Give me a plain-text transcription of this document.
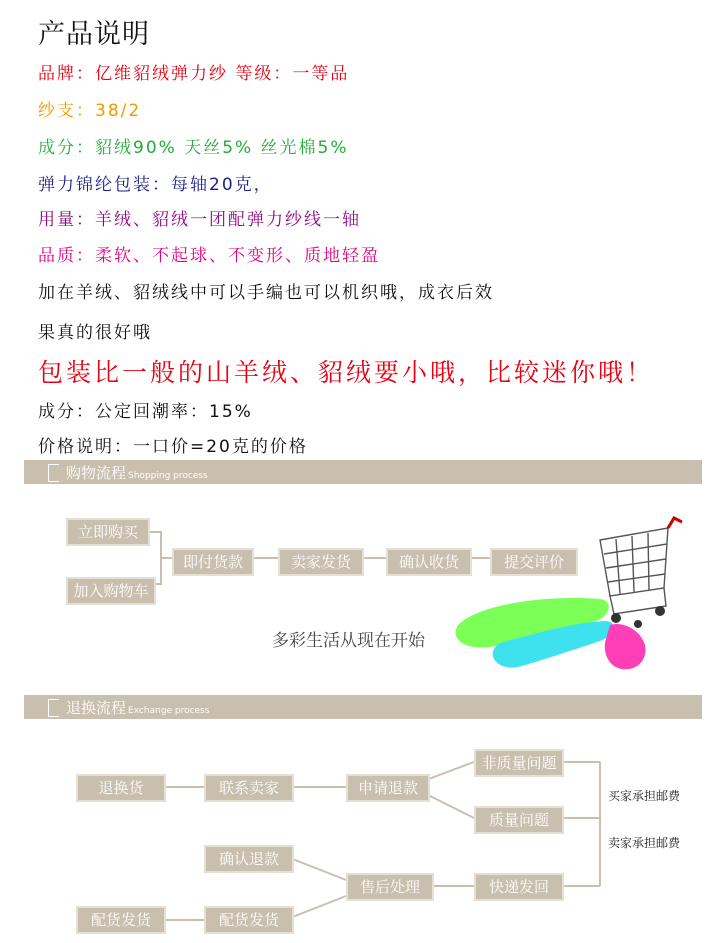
产品说明
品牌：亿维貂绒弹力纱 等级：一等品
纱支：38/2
成分：貂绒90% 天丝5% 丝光棉5%
弹力锦纶包装：每轴20克，
用量：羊绒、貂绒一团配弹力纱线一轴
品质：柔软、不起球、不变形、质地轻盈
加在羊绒、貂绒线中可以手编也可以机织哦，成衣后效
果真的很好哦
包装比一般的山羊绒、貂绒要小哦，比较迷你哦！
成分：公定回潮率：15%
价格说明：一口价=20克的价格
购物流程 Shopping process
立即购买
加入购物车
即付货款	卖家发货	确认收货	提交评价
多彩生活从现在开始
退换流程 Exchange process
退换货	联系卖家	申请退款
非质量问题
质量问题
确认退款
售后处理	快递发回
配货发货	配货发货
买家承担邮费
卖家承担邮费
